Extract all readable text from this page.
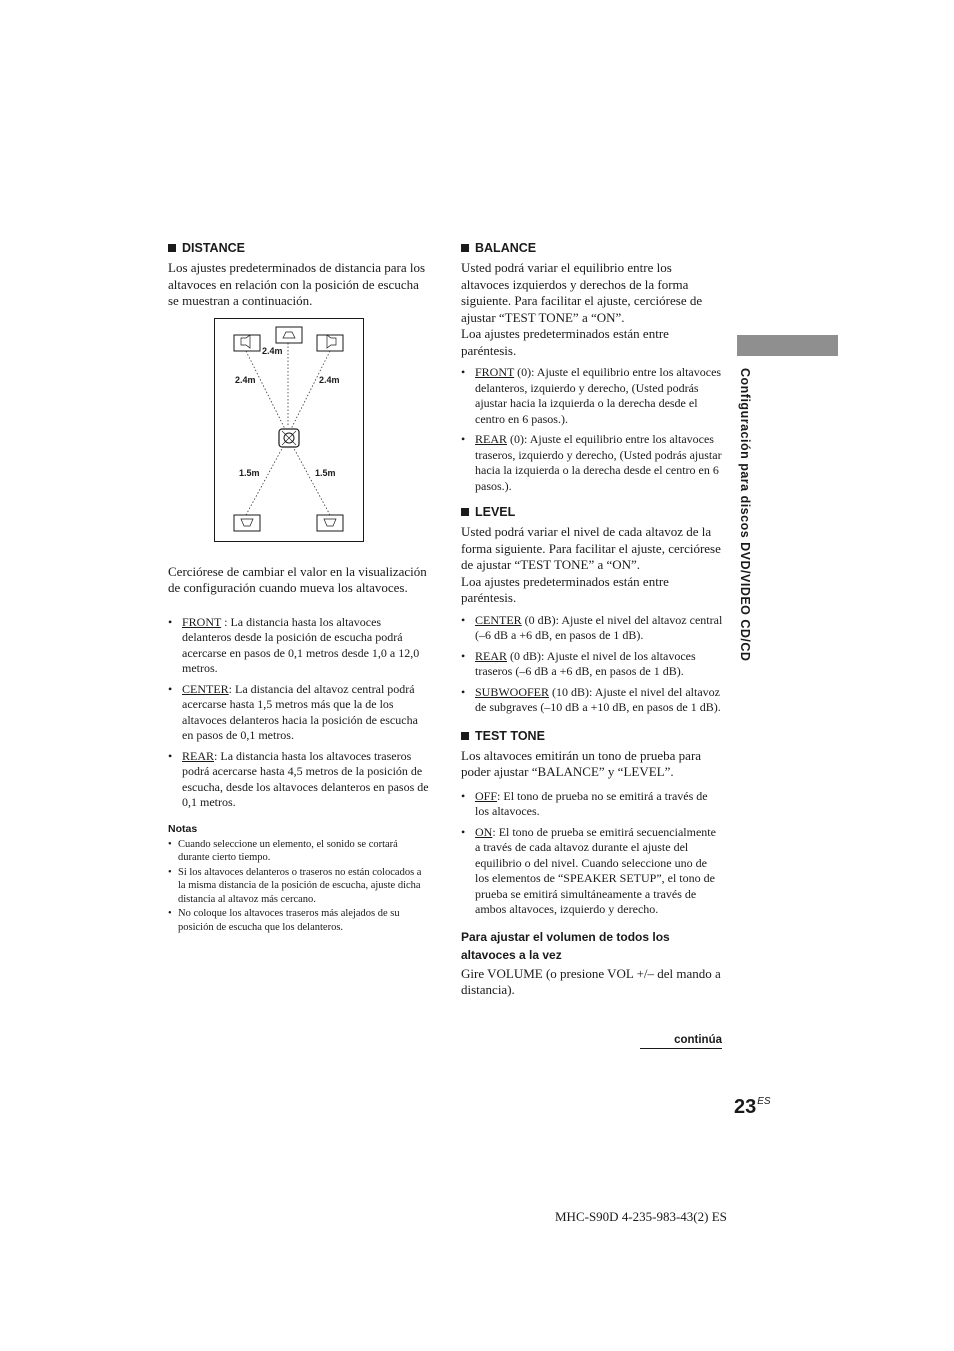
Configuración para discos DVD/VIDEO CD/CD
DISTANCE

Los ajustes predeterminados de distancia para los altavoces en relación con la posición de escucha se muestran a continuación.

2.4m
2.4m	2.4m
1.5m	1.5m

Cerciórese de cambiar el valor en la visualización de configuración cuando mueva los altavoces.

• FRONT : La distancia hasta los altavoces delanteros desde la posición de escucha podrá acercarse en pasos de 0,1 metros desde 1,0 a 12,0 metros.
• CENTER: La distancia del altavoz central podrá acercarse hasta 1,5 metros más que la de los altavoces delanteros hacia la posición de escucha en pasos de 0,1 metros.
• REAR: La distancia hasta los altavoces traseros podrá acercarse hasta 4,5 metros de la posición de escucha, desde los altavoces delanteros en pasos de 0,1 metros.
Notas
• Cuando seleccione un elemento, el sonido se cortará durante cierto tiempo.
• Si los altavoces delanteros o traseros no están colocados a la misma distancia de la posición de escucha, ajuste dicha distancia al altavoz más cercano.
• No coloque los altavoces traseros más alejados de su posición de escucha que los delanteros.
BALANCE

Usted podrá variar el equilibrio entre los altavoces izquierdos y derechos de la forma siguiente. Para facilitar el ajuste, cerciórese de ajustar “TEST TONE” a “ON”.

Loa ajustes predeterminados están entre paréntesis.

• FRONT (0): Ajuste el equilibrio entre los altavoces delanteros, izquierdo y derecho, (Usted podrás ajustar hacia la izquierda o la derecha desde el centro en 6 pasos.).
• REAR (0): Ajuste el equilibrio entre los altavoces traseros, izquierdo y derecho, (Usted podrás ajustar hacia la izquierda o la derecha desde el centro en 6 pasos.).
LEVEL

Usted podrá variar el nivel de cada altavoz de la forma siguiente. Para facilitar el ajuste, cerciórese de ajustar “TEST TONE” a “ON”.

Loa ajustes predeterminados están entre paréntesis.

• CENTER (0 dB): Ajuste el nivel del altavoz central (–6 dB a +6 dB, en pasos de 1 dB).
• REAR (0 dB): Ajuste el nivel de los altavoces traseros (–6 dB a +6 dB, en pasos de 1 dB).
• SUBWOOFER (10 dB): Ajuste el nivel del altavoz de subgraves (–10 dB a +10 dB, en pasos de 1 dB).
TEST TONE

Los altavoces emitirán un tono de prueba para poder ajustar “BALANCE” y “LEVEL”.

• OFF: El tono de prueba no se emitirá a través de los altavoces.
• ON: El tono de prueba se emitirá secuencialmente a través de cada altavoz durante el ajuste del equilibrio o del nivel. Cuando seleccione uno de los elementos de “SPEAKER SETUP”, el tono de prueba se emitirá simultáneamente a través de ambos altavoces, izquierdo y derecho.
Para ajustar el volumen de todos los altavoces a la vez

Gire VOLUME (o presione VOL +/– del mando a distancia).

continúa
$23^{ES}$
MHC-S90D 4-235-983-43(2) ES
